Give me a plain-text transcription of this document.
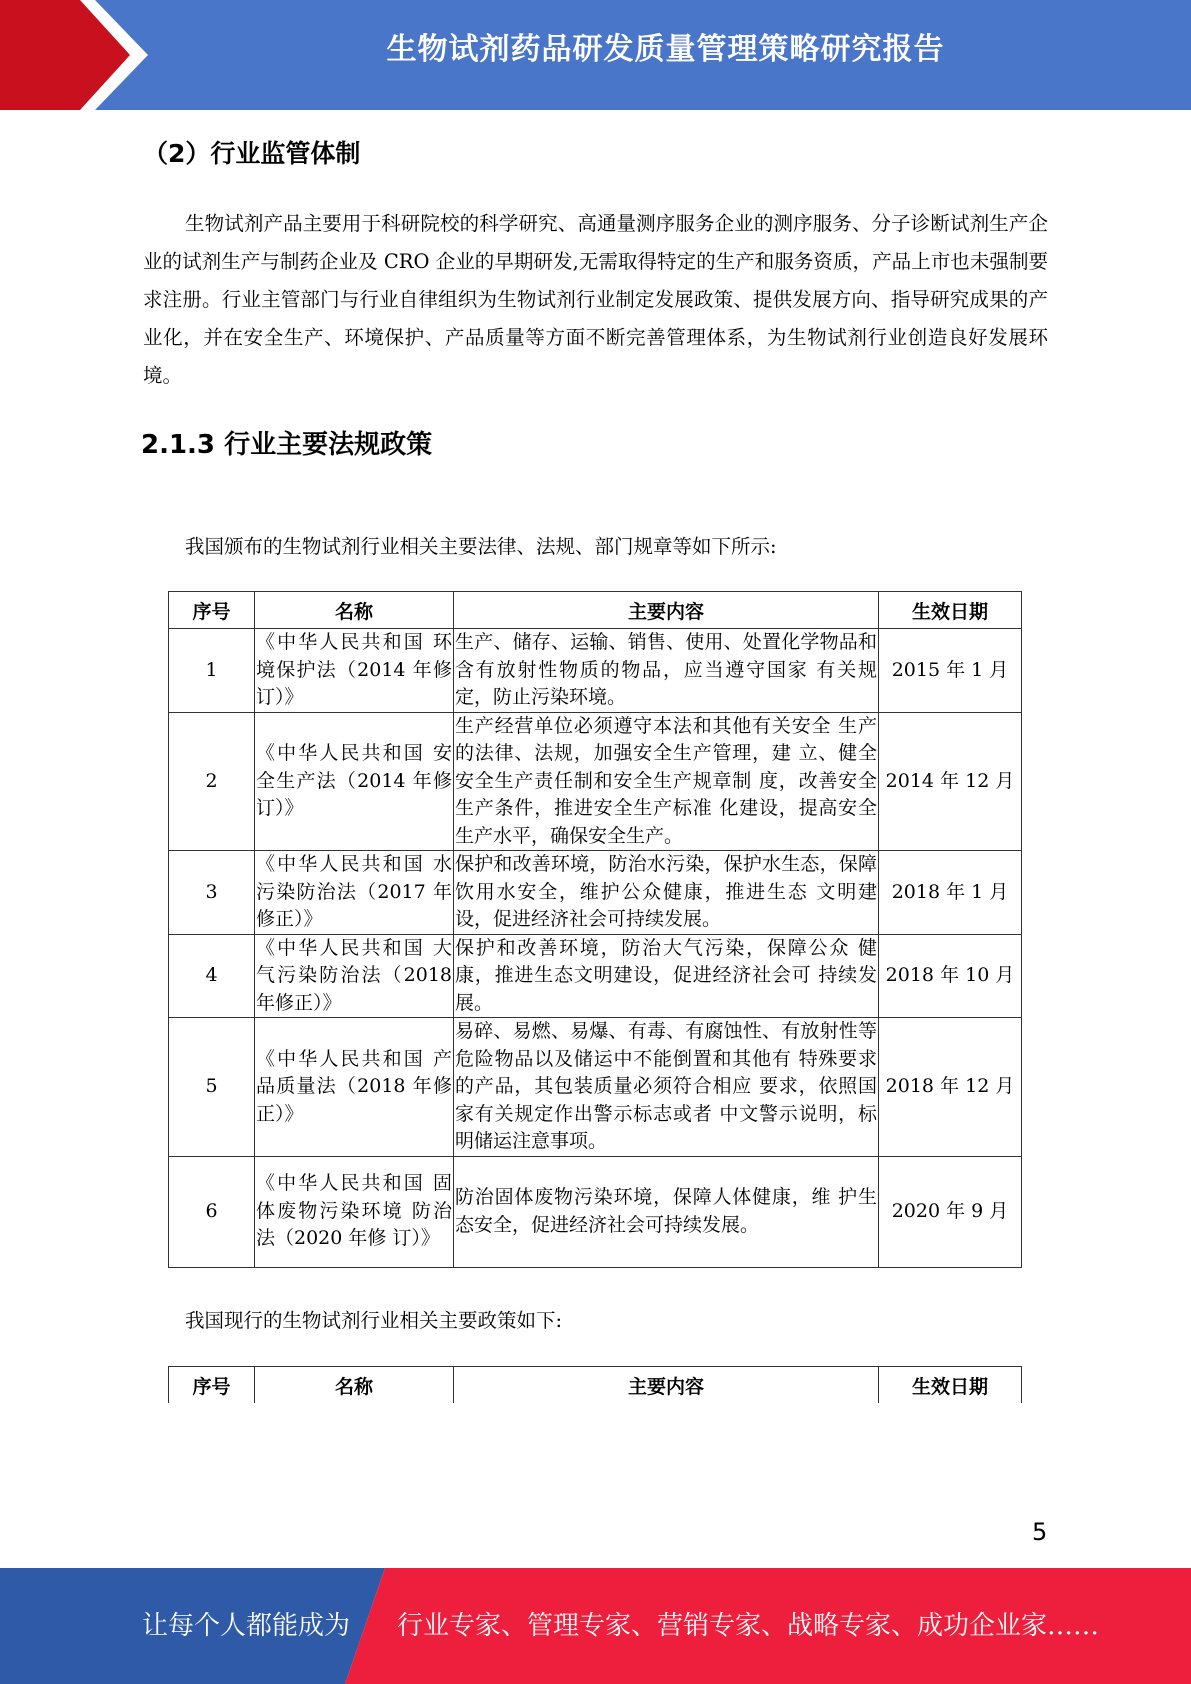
生物试剂药品研发质量管理策略研究报告
（2）行业监管体制
生物试剂产品主要用于科研院校的科学研究、高通量测序服务企业的测序服务、分子诊断试剂生产企业的试剂生产与制药企业及 CRO 企业的早期研发,无需取得特定的生产和服务资质，产品上市也未强制要求注册。行业主管部门与行业自律组织为生物试剂行业制定发展政策、提供发展方向、指导研究成果的产业化，并在安全生产、环境保护、产品质量等方面不断完善管理体系，为生物试剂行业创造良好发展环境。
2.1.3 行业主要法规政策
我国颁布的生物试剂行业相关主要法律、法规、部门规章等如下所示:
序号	名称	主要内容	生效日期
1	《中华人民共和国 环境保护法（2014 年修订）》	生产、储存、运输、销售、使用、处置化学物品和含有放射性物质的物品，应当遵守国家 有关规定，防止污染环境。	2015 年 1 月
2	《中华人民共和国 安全生产法（2014 年修订）》	生产经营单位必须遵守本法和其他有关安全 生产的法律、法规，加强安全生产管理，建 立、健全安全生产责任制和安全生产规章制 度，改善安全生产条件，推进安全生产标准 化建设，提高安全生产水平，确保安全生产。	2014 年 12 月
3	《中华人民共和国 水污染防治法（2017 年修正）》	保护和改善环境，防治水污染，保护水生态，保障饮用水安全，维护公众健康，推进生态 文明建设，促进经济社会可持续发展。	2018 年 1 月
4	《中华人民共和国 大气污染防治法（2018 年修正）》	保护和改善环境，防治大气污染，保障公众 健康，推进生态文明建设，促进经济社会可 持续发展。	2018 年 10 月
5	《中华人民共和国 产品质量法（2018 年修正）》	易碎、易燃、易爆、有毒、有腐蚀性、有放射性等危险物品以及储运中不能倒置和其他有 特殊要求的产品，其包装质量必须符合相应 要求，依照国家有关规定作出警示标志或者 中文警示说明，标明储运注意事项。	2018 年 12 月
6	《中华人民共和国 固体废物污染环境 防治法（2020 年修 订）》	防治固体废物污染环境，保障人体健康，维 护生态安全，促进经济社会可持续发展。	2020 年 9 月
我国现行的生物试剂行业相关主要政策如下:
序号	名称	主要内容	生效日期
5
让每个人都能成为 行业专家、管理专家、营销专家、战略专家、成功企业家……
